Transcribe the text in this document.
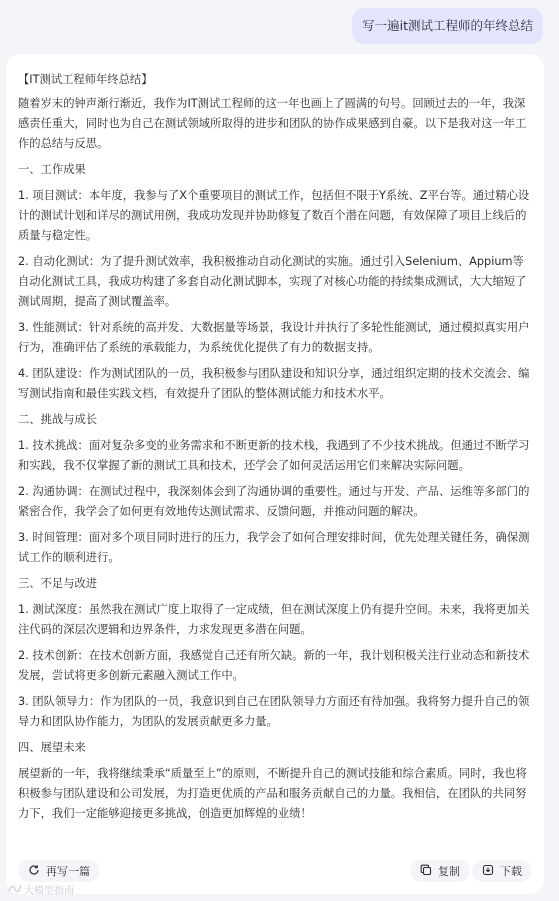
写一遍it测试工程师的年终总结

【IT测试工程师年终总结】

随着岁末的钟声渐行渐近，我作为IT测试工程师的这一年也画上了圆满的句号。回顾过去的一年，我深感责任重大，同时也为自己在测试领域所取得的进步和团队的协作成果感到自豪。以下是我对这一年工作的总结与反思。

一、工作成果

1. 项目测试：本年度，我参与了X个重要项目的测试工作，包括但不限于Y系统、Z平台等。通过精心设计的测试计划和详尽的测试用例，我成功发现并协助修复了数百个潜在问题，有效保障了项目上线后的质量与稳定性。

2. 自动化测试：为了提升测试效率，我积极推动自动化测试的实施。通过引入Selenium、Appium等自动化测试工具，我成功构建了多套自动化测试脚本，实现了对核心功能的持续集成测试，大大缩短了测试周期，提高了测试覆盖率。

3. 性能测试：针对系统的高并发、大数据量等场景，我设计并执行了多轮性能测试，通过模拟真实用户行为，准确评估了系统的承载能力，为系统优化提供了有力的数据支持。

4. 团队建设：作为测试团队的一员，我积极参与团队建设和知识分享，通过组织定期的技术交流会、编写测试指南和最佳实践文档，有效提升了团队的整体测试能力和技术水平。

二、挑战与成长

1. 技术挑战：面对复杂多变的业务需求和不断更新的技术栈，我遇到了不少技术挑战。但通过不断学习和实践，我不仅掌握了新的测试工具和技术，还学会了如何灵活运用它们来解决实际问题。

2. 沟通协调：在测试过程中，我深刻体会到了沟通协调的重要性。通过与开发、产品、运维等多部门的紧密合作，我学会了如何更有效地传达测试需求、反馈问题，并推动问题的解决。

3. 时间管理：面对多个项目同时进行的压力，我学会了如何合理安排时间，优先处理关键任务，确保测试工作的顺利进行。

三、不足与改进

1. 测试深度：虽然我在测试广度上取得了一定成绩，但在测试深度上仍有提升空间。未来，我将更加关注代码的深层次逻辑和边界条件，力求发现更多潜在问题。

2. 技术创新：在技术创新方面，我感觉自己还有所欠缺。新的一年，我计划积极关注行业动态和新技术发展，尝试将更多创新元素融入测试工作中。

3. 团队领导力：作为团队的一员，我意识到自己在团队领导力方面还有待加强。我将努力提升自己的领导力和团队协作能力，为团队的发展贡献更多力量。

四、展望未来

展望新的一年，我将继续秉承“质量至上”的原则，不断提升自己的测试技能和综合素质。同时，我也将积极参与团队建设和公司发展，为打造更优质的产品和服务贡献自己的力量。我相信，在团队的共同努力下，我们一定能够迎接更多挑战，创造更加辉煌的业绩！

再写一篇	复制	下载
大模型指南
